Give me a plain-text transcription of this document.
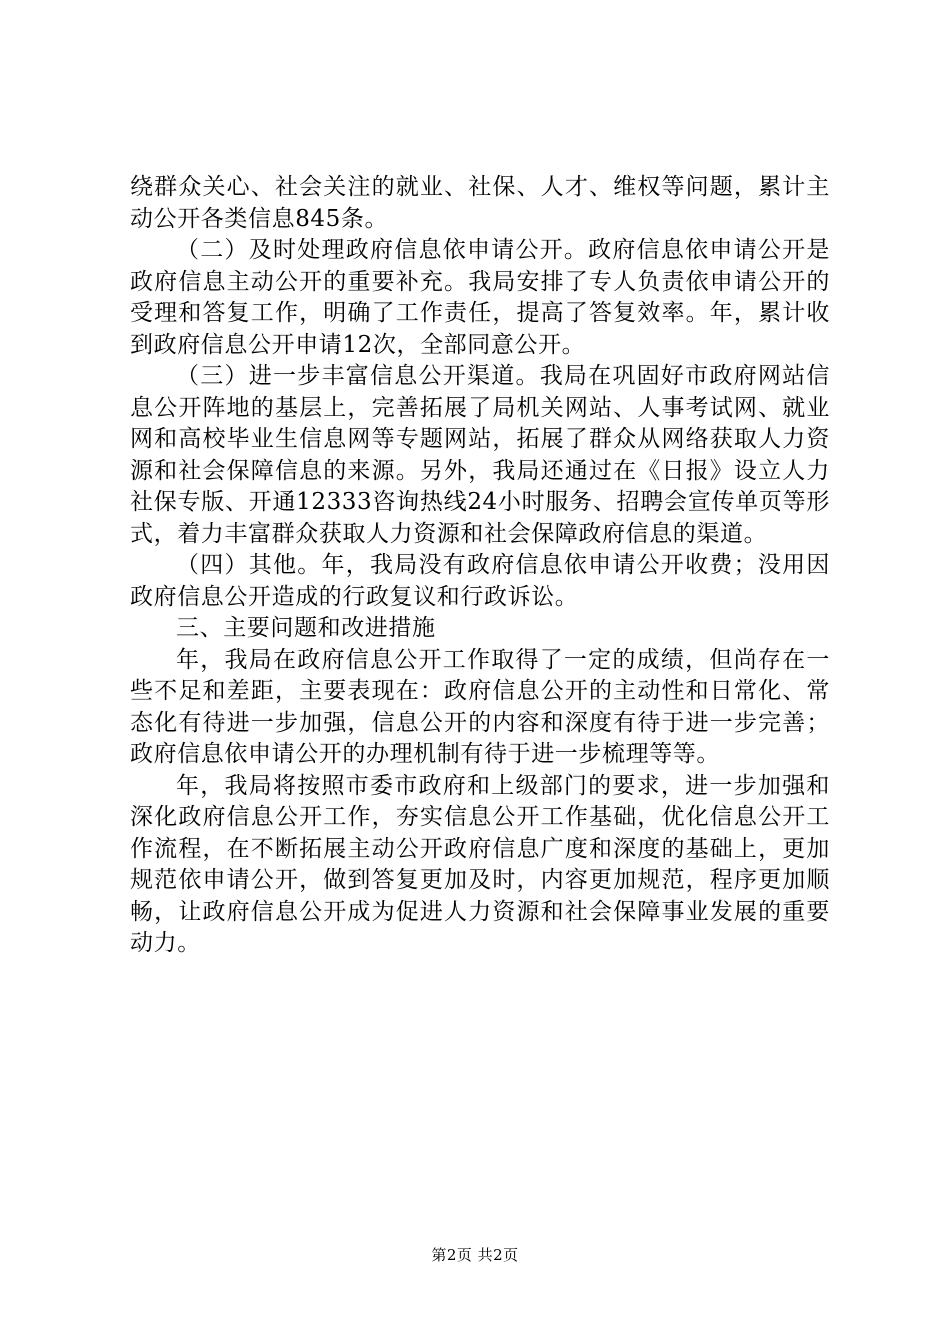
绕群众关心、社会关注的就业、社保、人才、维权等问题，累计主动公开各类信息845条。

（二）及时处理政府信息依申请公开。政府信息依申请公开是政府信息主动公开的重要补充。我局安排了专人负责依申请公开的受理和答复工作，明确了工作责任，提高了答复效率。年，累计收到政府信息公开申请12次，全部同意公开。

（三）进一步丰富信息公开渠道。我局在巩固好市政府网站信息公开阵地的基层上，完善拓展了局机关网站、人事考试网、就业网和高校毕业生信息网等专题网站，拓展了群众从网络获取人力资源和社会保障信息的来源。另外，我局还通过在《日报》设立人力社保专版、开通12333咨询热线24小时服务、招聘会宣传单页等形式，着力丰富群众获取人力资源和社会保障政府信息的渠道。

（四）其他。年，我局没有政府信息依申请公开收费；没用因政府信息公开造成的行政复议和行政诉讼。

三、主要问题和改进措施

年，我局在政府信息公开工作取得了一定的成绩，但尚存在一些不足和差距，主要表现在：政府信息公开的主动性和日常化、常态化有待进一步加强，信息公开的内容和深度有待于进一步完善；政府信息依申请公开的办理机制有待于进一步梳理等等。

年，我局将按照市委市政府和上级部门的要求，进一步加强和深化政府信息公开工作，夯实信息公开工作基础，优化信息公开工作流程，在不断拓展主动公开政府信息广度和深度的基础上，更加规范依申请公开，做到答复更加及时，内容更加规范，程序更加顺畅，让政府信息公开成为促进人力资源和社会保障事业发展的重要动力。

第2页 共2页
